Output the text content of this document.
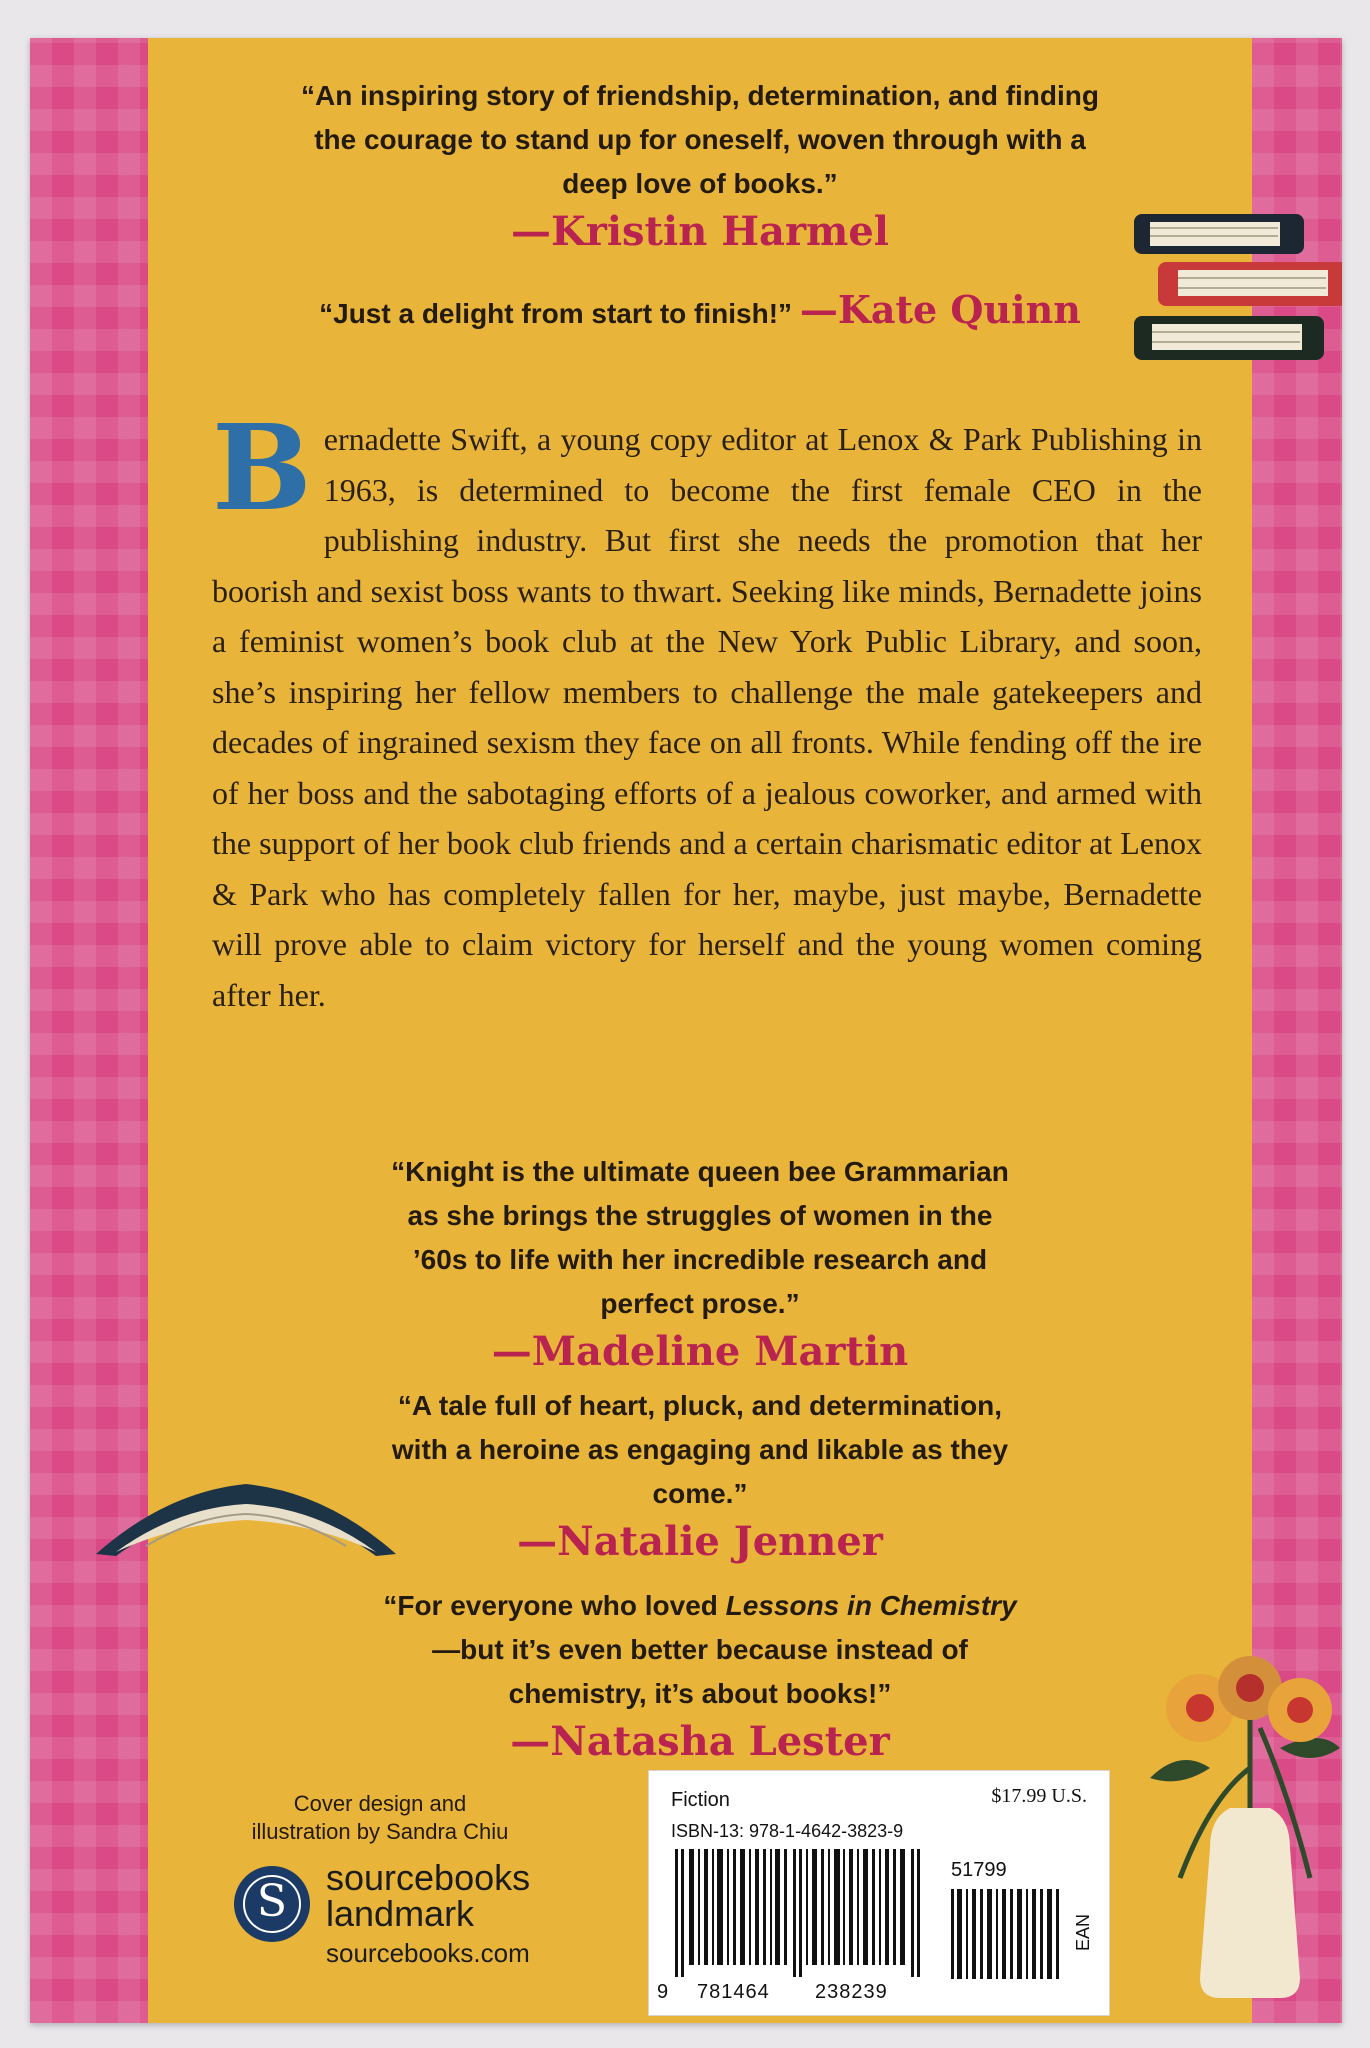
“An inspiring story of friendship, determination, and finding the courage to stand up for oneself, woven through with a deep love of books.”
—Kristin Harmel
“Just a delight from start to finish!” —Kate Quinn
Bernadette Swift, a young copy editor at Lenox & Park Publishing in 1963, is determined to become the first female CEO in the publishing industry. But first she needs the promotion that her boorish and sexist boss wants to thwart. Seeking like minds, Bernadette joins a feminist women’s book club at the New York Public Library, and soon, she’s inspiring her fellow members to challenge the male gatekeepers and decades of ingrained sexism they face on all fronts. While fending off the ire of her boss and the sabotaging efforts of a jealous coworker, and armed with the support of her book club friends and a certain charismatic editor at Lenox & Park who has completely fallen for her, maybe, just maybe, Bernadette will prove able to claim victory for herself and the young women coming after her.
“Knight is the ultimate queen bee Grammarian as she brings the struggles of women in the ’60s to life with her incredible research and perfect prose.”
—Madeline Martin
“A tale full of heart, pluck, and determination, with a heroine as engaging and likable as they come.”
—Natalie Jenner
“For everyone who loved Lessons in Chemistry—but it’s even better because instead of chemistry, it’s about books!”
—Natasha Lester
Cover design and
illustration by Sandra Chiu
S	sourcebooks
landmark
sourcebooks.com
Fiction	$17.99 U.S.
ISBN-13: 978-1-4642-3823-9
51799
EAN
9 781464 238239
